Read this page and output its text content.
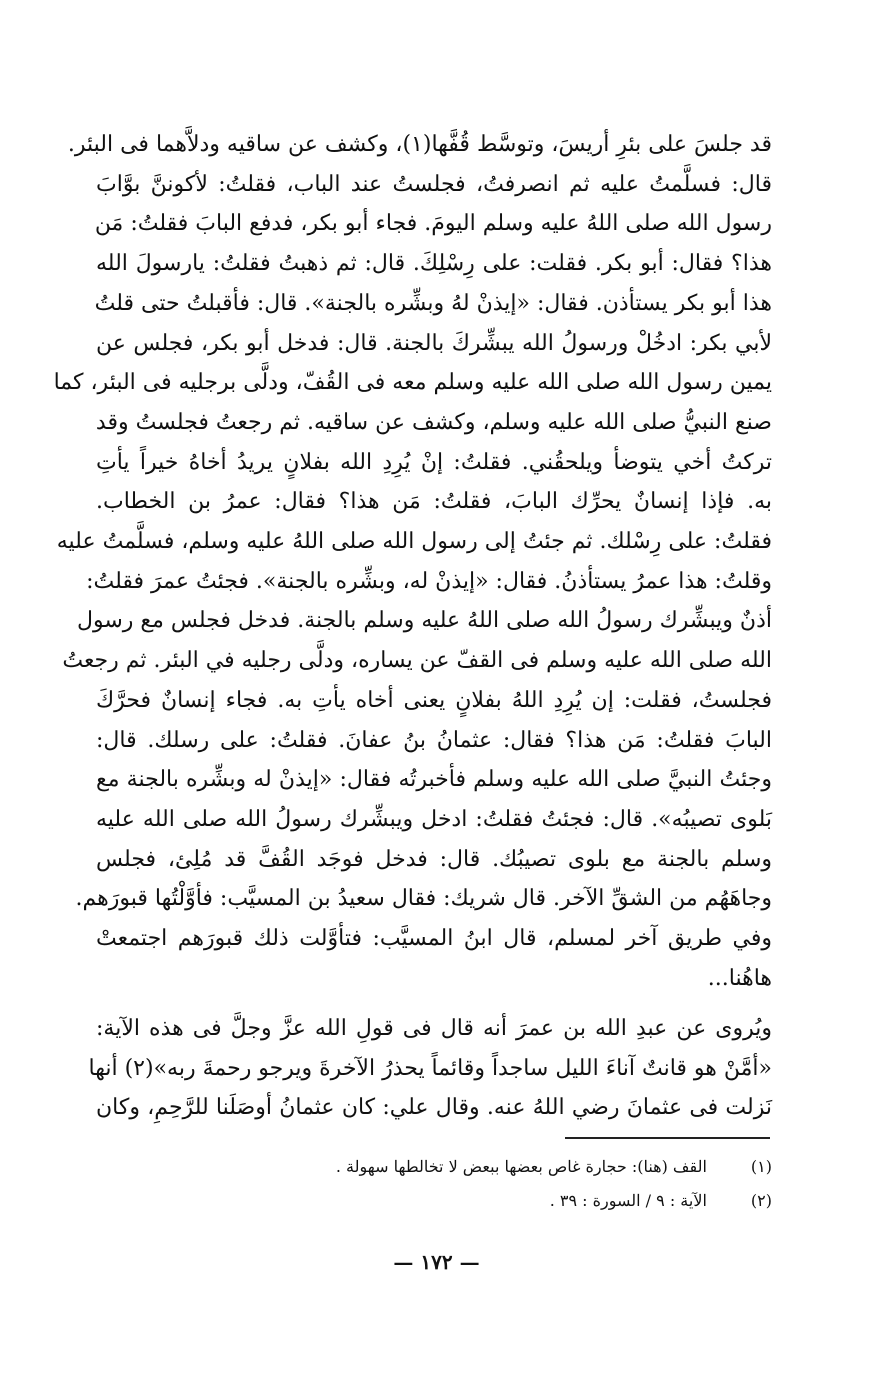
قد جلسَ على بئرِ أريسَ، وتوسَّط قُفَّها(١)، وكشف عن ساقيه ودلاَّهما فى البئر.
قال: فسلَّمتُ عليه ثم انصرفتُ، فجلستُ عند الباب، فقلتُ: لأكوننَّ بوَّابَ
رسول الله صلى اللهُ عليه وسلم اليومَ. فجاء أبو بكر، فدفع البابَ فقلتُ: مَن
هذا؟ فقال: أبو بكر. فقلت: على رِسْلِكَ. قال: ثم ذهبتُ فقلتُ: يارسولَ الله
هذا أبو بكر يستأذن. فقال: «إيذنْ لهُ وبشِّره بالجنة». قال: فأقبلتُ حتى قلتُ
لأبي بكر: ادخُلْ ورسولُ الله يبشِّركَ بالجنة. قال: فدخل أبو بكر، فجلس عن
يمين رسول الله صلى الله عليه وسلم معه فى القُفّ، ودلَّى برجليه فى البئر، كما
صنع النبيُّ صلى الله عليه وسلم، وكشف عن ساقيه. ثم رجعتُ فجلستُ وقد
تركتُ أخي يتوضأ ويلحقُني. فقلتُ: إنْ يُرِدِ الله بفلانٍ يريدُ أخاهُ خيراً يأتِ
به. فإذا إنسانٌ يحرِّك البابَ، فقلتُ: مَن هذا؟ فقال: عمرُ بن الخطاب.
فقلتُ: على رِسْلك. ثم جئتُ إلى رسول الله صلى اللهُ عليه وسلم، فسلَّمتُ عليه
وقلتُ: هذا عمرُ يستأذنُ. فقال: «إيذنْ له، وبشِّره بالجنة». فجئتُ عمرَ فقلتُ:
أذنٌ ويبشِّرك رسولُ الله صلى اللهُ عليه وسلم بالجنة. فدخل فجلس مع رسول
الله صلى الله عليه وسلم فى القفّ عن يساره، ودلَّى رجليه في البئر. ثم رجعتُ
فجلستُ، فقلت: إن يُرِدِ اللهُ بفلانٍ يعنى أخاه يأتِ به. فجاء إنسانٌ فحرَّكَ
البابَ فقلتُ: مَن هذا؟ فقال: عثمانُ بنُ عفانَ. فقلتُ: على رسلك. قال:
وجئتُ النبيَّ صلى الله عليه وسلم فأخبرتُه فقال: «إيذنْ له وبشِّره بالجنة مع
بَلوى تصيبُه». قال: فجئتُ فقلتُ: ادخل ويبشِّرك رسولُ الله صلى الله عليه
وسلم بالجنة مع بلوى تصيبُك. قال: فدخل فوجَد القُفَّ قد مُلِئ، فجلس
وجاهَهُم من الشقِّ الآخر. قال شريك: فقال سعيدُ بن المسيَّب: فأوَّلْتُها قبورَهم.
وفي طريق آخر لمسلم، قال ابنُ المسيَّب: فتأوَّلت ذلك قبورَهم اجتمعتْ
هاهُنا...
ويُروى عن عبدِ الله بن عمرَ أنه قال فى قولِ الله عزَّ وجلَّ فى هذه الآية:
«أمَّنْ هو قانتٌ آناءَ الليل ساجداً وقائماً يحذرُ الآخرةَ ويرجو رحمةَ ربه»(٢) أنها
نَزلت فى عثمانَ رضي اللهُ عنه. وقال علي: كان عثمانُ أوصَلَنا للرَّحِمِ، وكان
(١) القف (هنا): حجارة غاص بعضها ببعض لا تخالطها سهولة .
(٢) الآية : ٩ / السورة : ٣٩ .
— ١٧٢ —
